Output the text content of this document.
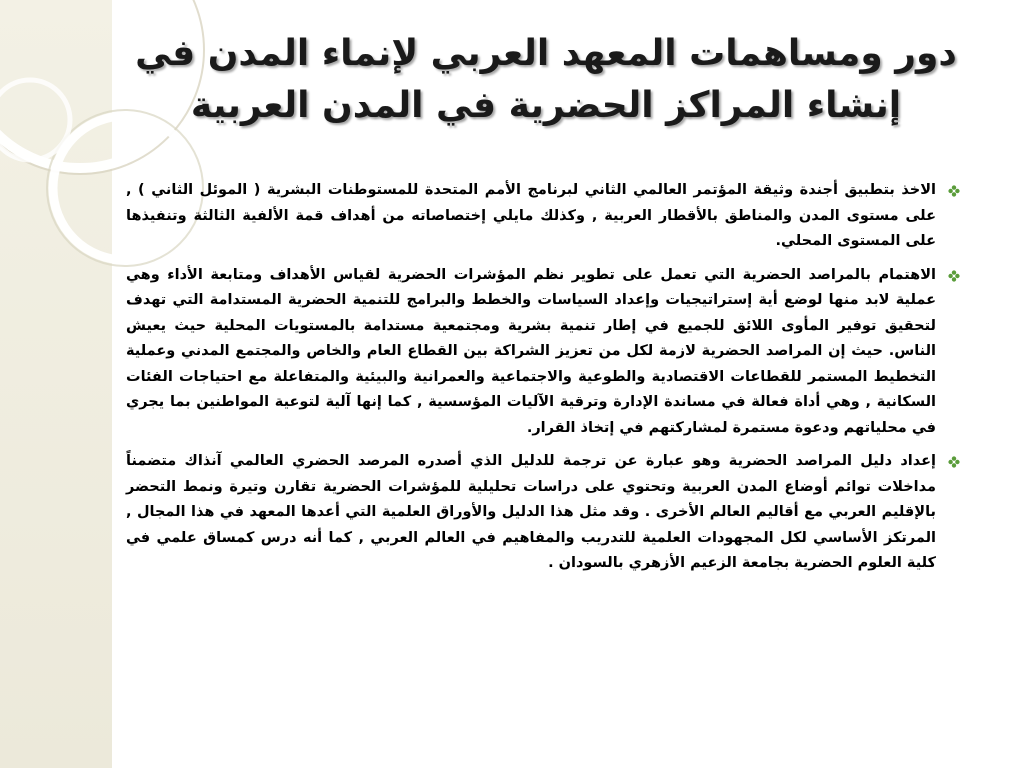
دور ومساهمات المعهد العربي لإنماء المدن في إنشاء المراكز الحضرية في المدن العربية
الاخذ بتطبيق أجندة وثيقة المؤتمر العالمي الثاني لبرنامج الأمم المتحدة للمستوطنات البشرية ( الموئل الثاني ) , على مستوى المدن والمناطق بالأقطار العربية , وكذلك مايلي إختصاصاته من أهداف قمة الألفية الثالثة وتنفيذها على المستوى المحلي.
الاهتمام بالمراصد الحضرية التي تعمل على تطوير نظم المؤشرات الحضرية لقياس الأهداف ومتابعة الأداء وهي عملية لابد منها لوضع أية إستراتيجيات وإعداد السياسات والخطط والبرامج للتنمية الحضرية المستدامة التي تهدف لتحقيق توفير المأوى اللائق للجميع في إطار تنمية بشرية ومجتمعية مستدامة بالمستويات المحلية حيث يعيش الناس. حيث إن المراصد الحضرية لازمة لكل من تعزيز الشراكة بين القطاع العام والخاص والمجتمع المدني وعملية التخطيط المستمر للقطاعات الاقتصادية والطوعية والاجتماعية والعمرانية والبيئية والمتفاعلة مع احتياجات الفئات السكانية , وهي أداة فعالة في مساندة الإدارة وترقية الآليات المؤسسية , كما إنها آلية لتوعية المواطنين بما يجري في محلياتهم ودعوة مستمرة لمشاركتهم في إتخاذ القرار.
إعداد دليل المراصد الحضرية وهو عبارة عن ترجمة للدليل الذي أصدره المرصد الحضري العالمي آنذاك متضمناً مداخلات توائم أوضاع المدن العربية وتحتوي على دراسات تحليلية للمؤشرات الحضرية تقارن وتيرة ونمط التحضر بالإقليم العربي مع أقاليم العالم الأخرى . وقد مثل هذا الدليل والأوراق العلمية التي أعدها المعهد في هذا المجال , المرتكز الأساسي لكل المجهودات العلمية للتدريب والمفاهيم في العالم العربي , كما أنه درس كمساق علمي في كلية العلوم الحضرية بجامعة الزعيم الأزهري بالسودان .
